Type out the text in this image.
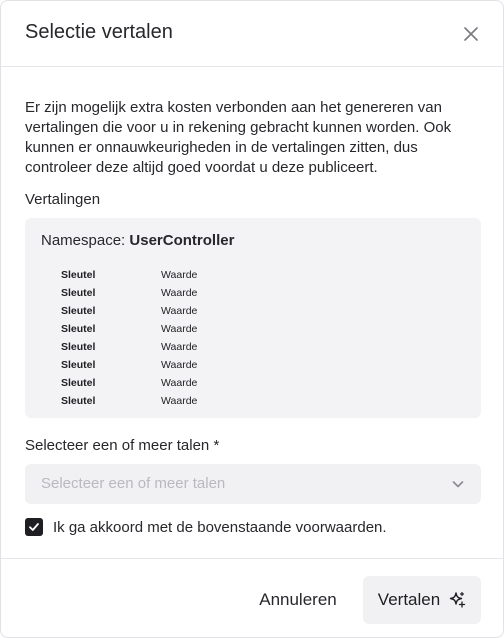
Selectie vertalen

Er zijn mogelijk extra kosten verbonden aan het genereren van vertalingen die voor u in rekening gebracht kunnen worden. Ook kunnen er onnauwkeurigheden in de vertalingen zitten, dus controleer deze altijd goed voordat u deze publiceert.

Vertalingen
Namespace: UserController
Sleutel	Waarde
Sleutel	Waarde
Sleutel	Waarde
Sleutel	Waarde
Sleutel	Waarde
Sleutel	Waarde
Sleutel	Waarde
Sleutel	Waarde
Selecteer een of meer talen *
Selecteer een of meer talen
Ik ga akkoord met de bovenstaande voorwaarden.
Annuleren	Vertalen
